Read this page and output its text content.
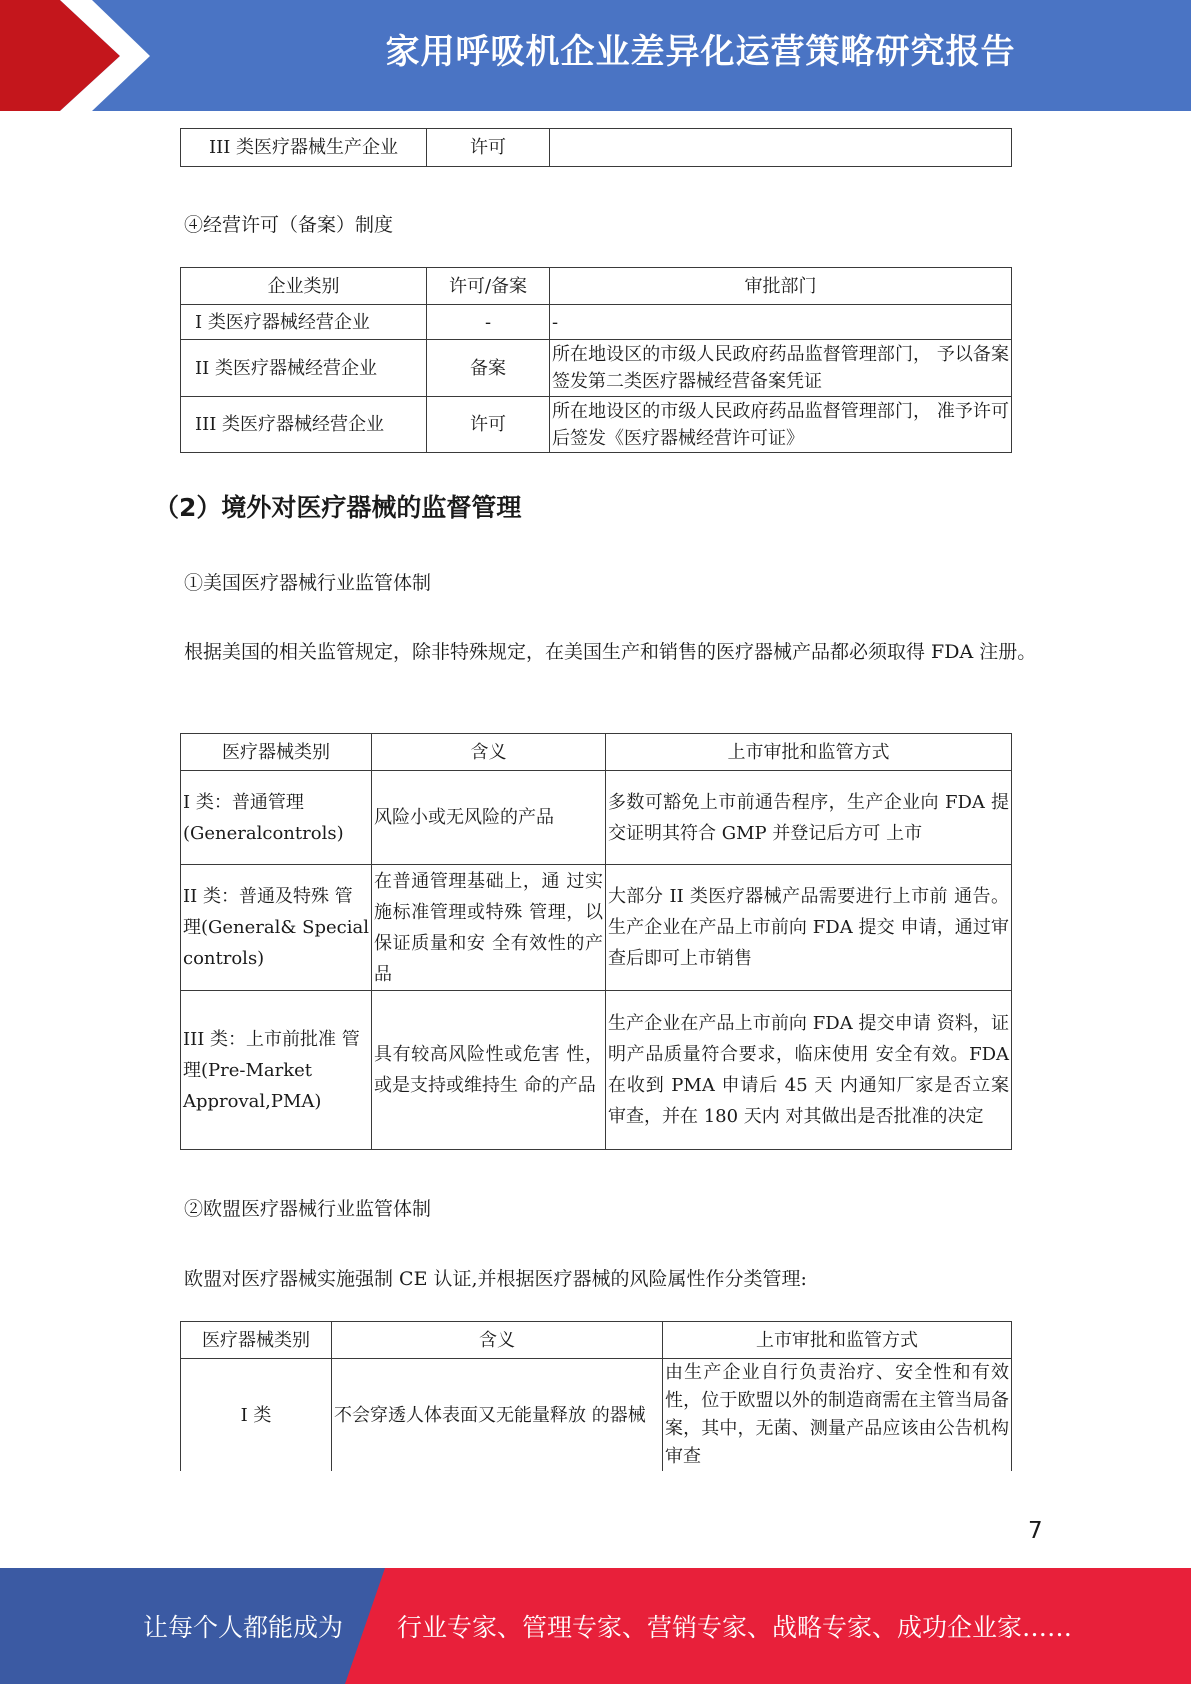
家用呼吸机企业差异化运营策略研究报告
III 类医疗器械生产企业	许可	
④经营许可（备案）制度
企业类别	许可/备案	审批部门
I 类医疗器械经营企业	-	-
II 类医疗器械经营企业	备案	所在地设区的市级人民政府药品监督管理部门， 予以备案签发第二类医疗器械经营备案凭证
III 类医疗器械经营企业	许可	所在地设区的市级人民政府药品监督管理部门， 准予许可后签发《医疗器械经营许可证》
（2）境外对医疗器械的监督管理
①美国医疗器械行业监管体制
根据美国的相关监管规定，除非特殊规定，在美国生产和销售的医疗器械产品都必须取得 FDA 注册。
医疗器械类别	含义	上市审批和监管方式
I 类：普通管理 (Generalcontrols)	风险小或无风险的产品	多数可豁免上市前通告程序，生产企业向 FDA 提交证明其符合 GMP 并登记后方可 上市
II 类：普通及特殊 管理(General& Special controls)	在普通管理基础上，通 过实施标准管理或特殊 管理，以保证质量和安 全有效性的产品	大部分 II 类医疗器械产品需要进行上市前 通告。生产企业在产品上市前向 FDA 提交 申请，通过审查后即可上市销售
III 类：上市前批准 管理(Pre-Market Approval,PMA)	具有较高风险性或危害 性，或是支持或维持生 命的产品	生产企业在产品上市前向 FDA 提交申请 资料，证明产品质量符合要求，临床使用 安全有效。FDA 在收到 PMA 申请后 45 天 内通知厂家是否立案审查，并在 180 天内 对其做出是否批准的决定
②欧盟医疗器械行业监管体制
欧盟对医疗器械实施强制 CE 认证,并根据医疗器械的风险属性作分类管理:
医疗器械类别	含义	上市审批和监管方式
I 类	不会穿透人体表面又无能量释放 的器械	由生产企业自行负责治疗、安全性和有效性，位于欧盟以外的制造商需在主管当局备案，其中，无菌、测量产品应该由公告机构审查
7
让每个人都能成为 行业专家、管理专家、营销专家、战略专家、成功企业家……
